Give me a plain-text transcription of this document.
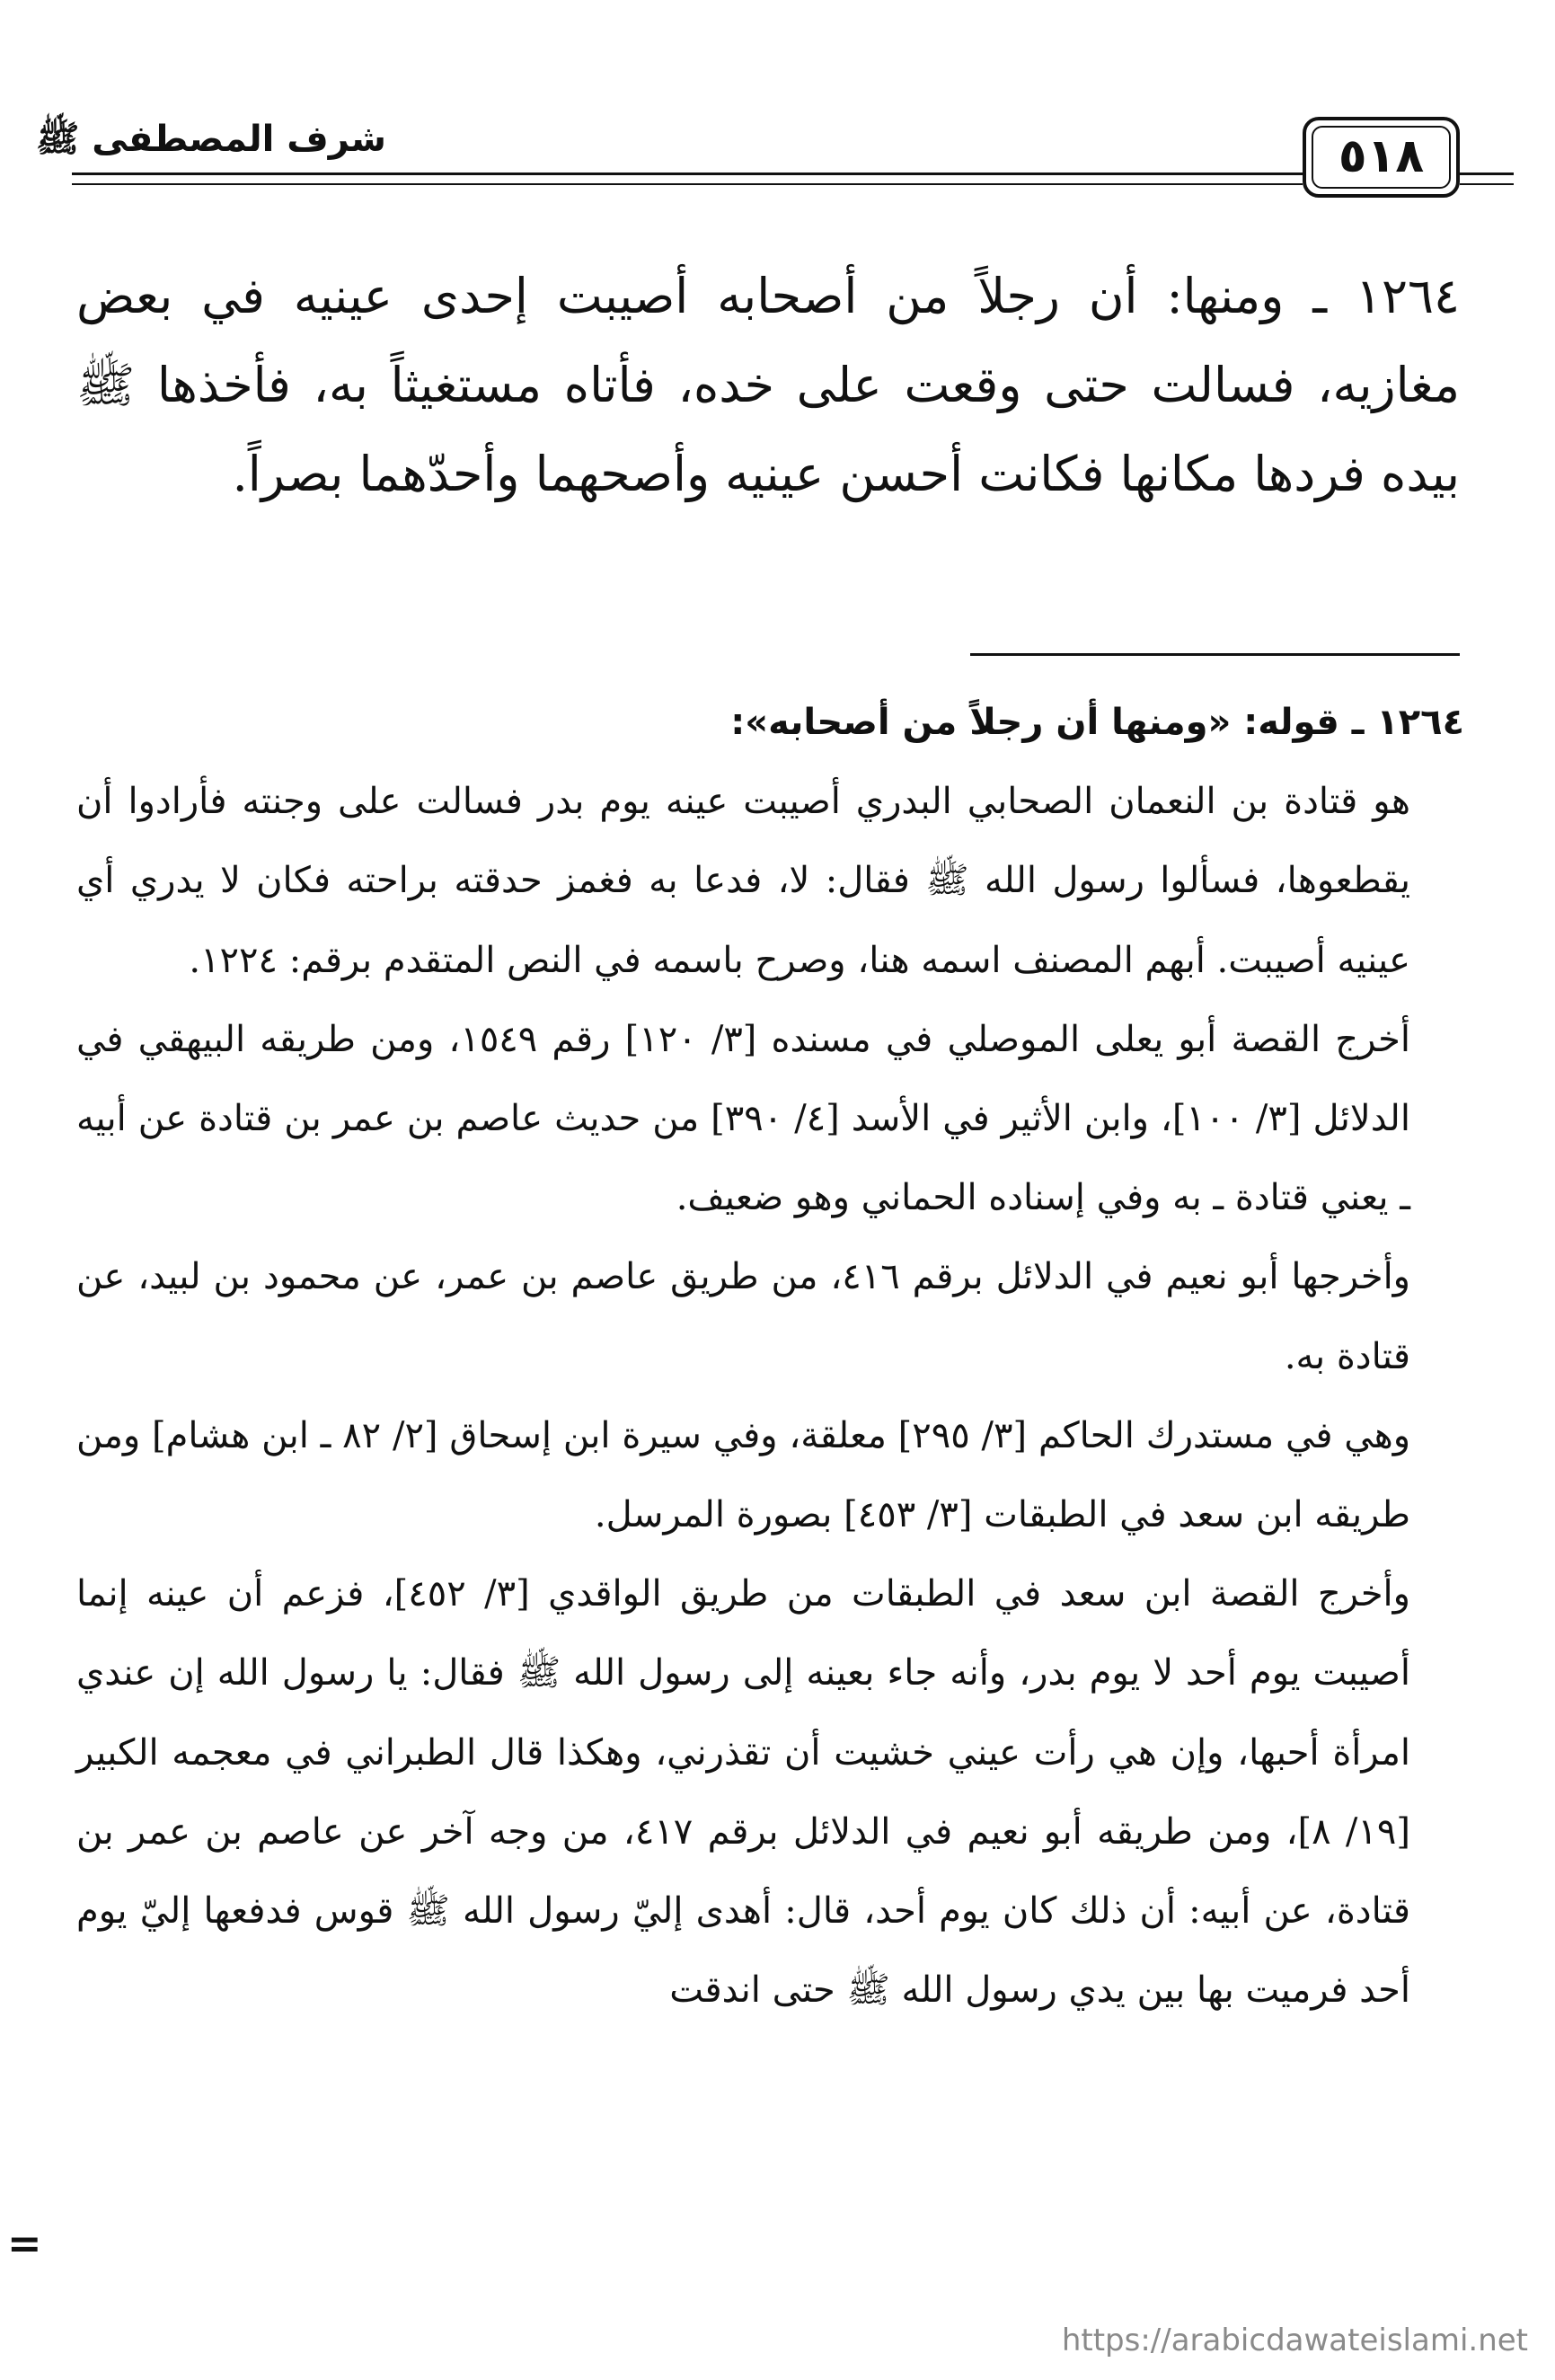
شرف المصطفى ﷺ	٥١٨
١٢٦٤ ـ ومنها: أن رجلاً من أصحابه أصيبت إحدى عينيه في بعض مغازيه، فسالت حتى وقعت على خده، فأتاه مستغيثاً به، فأخذها ﷺ بيده فردها مكانها فكانت أحسن عينيه وأصحهما وأحدّهما بصراً.

١٢٦٤ ـ قوله: «ومنها أن رجلاً من أصحابه»:

هو قتادة بن النعمان الصحابي البدري أصيبت عينه يوم بدر فسالت على وجنته فأرادوا أن يقطعوها، فسألوا رسول الله ﷺ فقال: لا، فدعا به فغمز حدقته براحته فكان لا يدري أي عينيه أصيبت. أبهم المصنف اسمه هنا، وصرح باسمه في النص المتقدم برقم: ١٢٢٤.

أخرج القصة أبو يعلى الموصلي في مسنده [٣/ ١٢٠] رقم ١٥٤٩، ومن طريقه البيهقي في الدلائل [٣/ ١٠٠]، وابن الأثير في الأسد [٤/ ٣٩٠] من حديث عاصم بن عمر بن قتادة عن أبيه ـ يعني قتادة ـ به وفي إسناده الحماني وهو ضعيف.

وأخرجها أبو نعيم في الدلائل برقم ٤١٦، من طريق عاصم بن عمر، عن محمود بن لبيد، عن قتادة به.

وهي في مستدرك الحاكم [٣/ ٢٩٥] معلقة، وفي سيرة ابن إسحاق [٢/ ٨٢ ـ ابن هشام] ومن طريقه ابن سعد في الطبقات [٣/ ٤٥٣] بصورة المرسل.

وأخرج القصة ابن سعد في الطبقات من طريق الواقدي [٣/ ٤٥٢]، فزعم أن عينه إنما أصيبت يوم أحد لا يوم بدر، وأنه جاء بعينه إلى رسول الله ﷺ فقال: يا رسول الله إن عندي امرأة أحبها، وإن هي رأت عيني خشيت أن تقذرني، وهكذا قال الطبراني في معجمه الكبير [١٩/ ٨]، ومن طريقه أبو نعيم في الدلائل برقم ٤١٧، من وجه آخر عن عاصم بن عمر بن قتادة، عن أبيه: أن ذلك كان يوم أحد، قال: أهدى إليّ رسول الله ﷺ قوس فدفعها إليّ يوم أحد فرميت بها بين يدي رسول الله ﷺ حتى اندقت

=
https://arabicdawateislami.net
